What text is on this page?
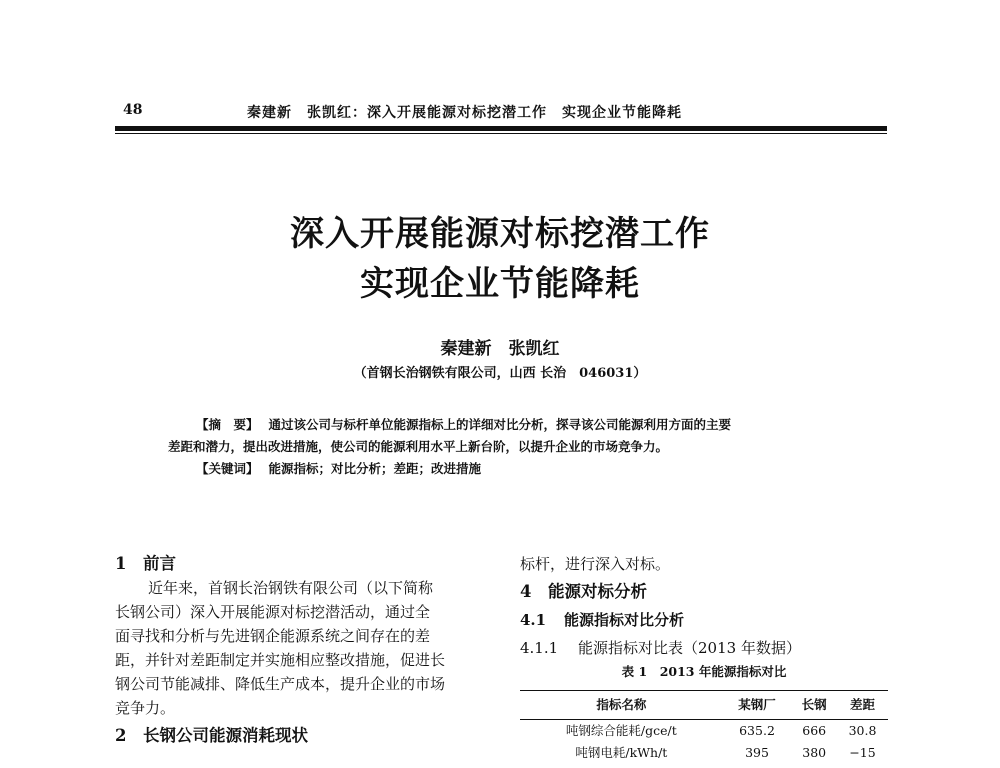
48	秦建新　张凯红：深入开展能源对标挖潜工作　实现企业节能降耗
深入开展能源对标挖潜工作
实现企业节能降耗
秦建新　张凯红
（首钢长治钢铁有限公司，山西 长治　046031）

【摘　要】 通过该公司与标杆单位能源指标上的详细对比分析，探寻该公司能源利用方面的主要

差距和潜力，提出改进措施，使公司的能源利用水平上新台阶，以提升企业的市场竞争力。

【关键词】 能源指标；对比分析；差距；改进措施

1 前言

近年来，首钢长治钢铁有限公司（以下简称

长钢公司）深入开展能源对标挖潜活动，通过全

面寻找和分析与先进钢企能源系统之间存在的差

距，并针对差距制定并实施相应整改措施，促进长

钢公司节能减排、降低生产成本，提升企业的市场

竞争力。

2 长钢公司能源消耗现状
标杆，进行深入对标。
4 能源对标分析
4.1 能源指标对比分析
4.1.1 能源指标对比表（2013 年数据）
表 1　2013 年能源指标对比
指标名称	某钢厂	长钢	差距
吨钢综合能耗/gce/t	635.2	666	30.8
吨钢电耗/kWh/t	395	380	−15
